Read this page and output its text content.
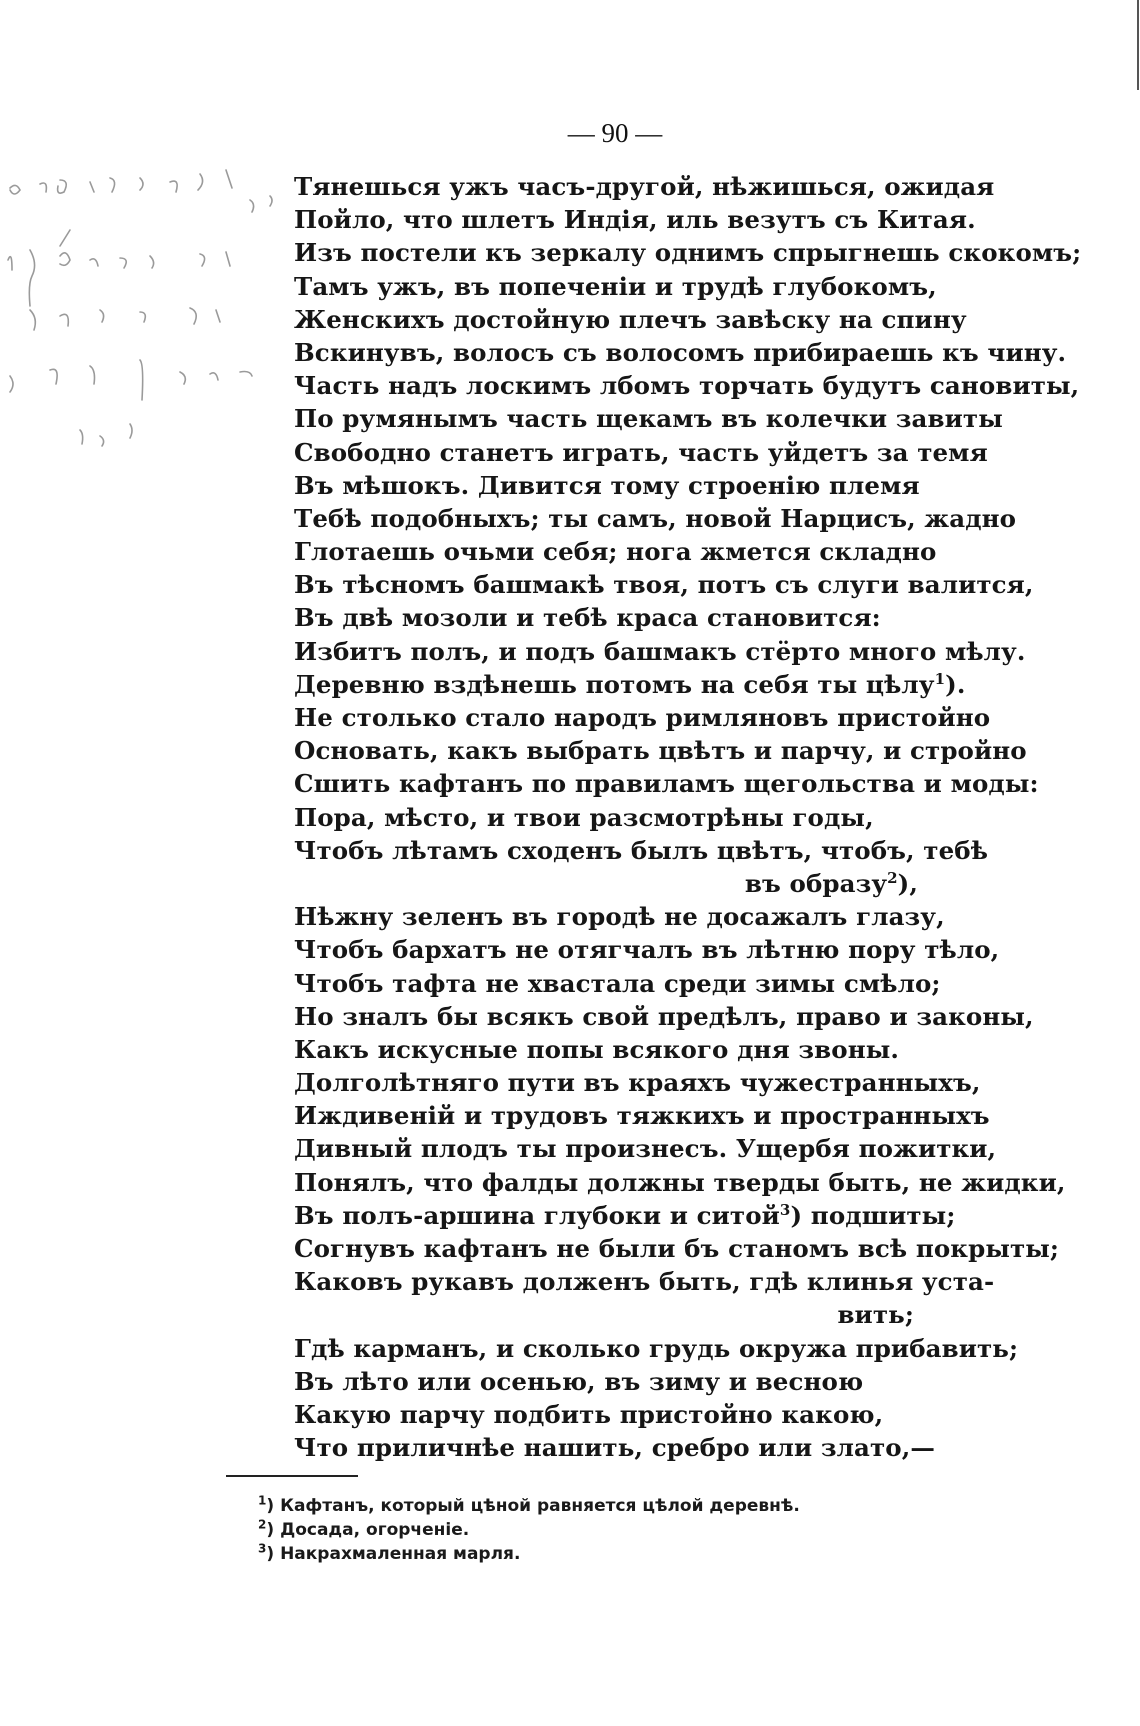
— 90 —
Тянешься ужъ часъ-другой, нѣжишься, ожидая
Пойло, что шлетъ Индія, иль везутъ съ Китая.
Изъ постели къ зеркалу однимъ спрыгнешь скокомъ;
Тамъ ужъ, въ попеченіи и трудѣ глубокомъ,
Женскихъ достойную плечъ завѣску на спину
Вскинувъ, волосъ съ волосомъ прибираешь къ чину.
Часть надъ лоскимъ лбомъ торчать будутъ сановиты,
По румянымъ часть щекамъ въ колечки завиты
Свободно станетъ играть, часть уйдетъ за темя
Въ мѣшокъ. Дивится тому строенію племя
Тебѣ подобныхъ; ты самъ, новой Нарцисъ, жадно
Глотаешь очьми себя; нога жмется складно
Въ тѣсномъ башмакѣ твоя, потъ съ слуги валится,
Въ двѣ мозоли и тебѣ краса становится:
Избитъ полъ, и подъ башмакъ стёрто много мѣлу.
Деревню вздѣнешь потомъ на себя ты цѣлу$^1$).
Не столько стало народъ римляновъ пристойно
Основать, какъ выбрать цвѣтъ и парчу, и стройно
Сшить кафтанъ по правиламъ щегольства и моды:
Пора, мѣсто, и твои разсмотрѣны годы,
Чтобъ лѣтамъ сходенъ былъ цвѣтъ, чтобъ, тебѣ
въ образу$^2$),
Нѣжну зеленъ въ городѣ не досажалъ глазу,
Чтобъ бархатъ не отягчалъ въ лѣтню пору тѣло,
Чтобъ тафта не хвастала среди зимы смѣло;
Но зналъ бы всякъ свой предѣлъ, право и законы,
Какъ искусные попы всякого дня звоны.
Долголѣтняго пути въ краяхъ чужестранныхъ,
Иждивеній и трудовъ тяжкихъ и пространныхъ
Дивный плодъ ты произнесъ. Ущербя пожитки,
Понялъ, что фалды должны тверды быть, не жидки,
Въ полъ-аршина глубоки и ситой$^3$) подшиты;
Согнувъ кафтанъ не были бъ станомъ всѣ покрыты;
Каковъ рукавъ долженъ быть, гдѣ клинья уста-
вить;
Гдѣ карманъ, и сколько грудь окружа прибавить;
Въ лѣто или осенью, въ зиму и весною
Какую парчу подбить пристойно какою,
Что приличнѣе нашить, сребро или злато,—
$^1$) Кафтанъ, который цѣной равняется цѣлой деревнѣ.
$^2$) Досада, огорченіе.
$^3$) Накрахмаленная марля.
